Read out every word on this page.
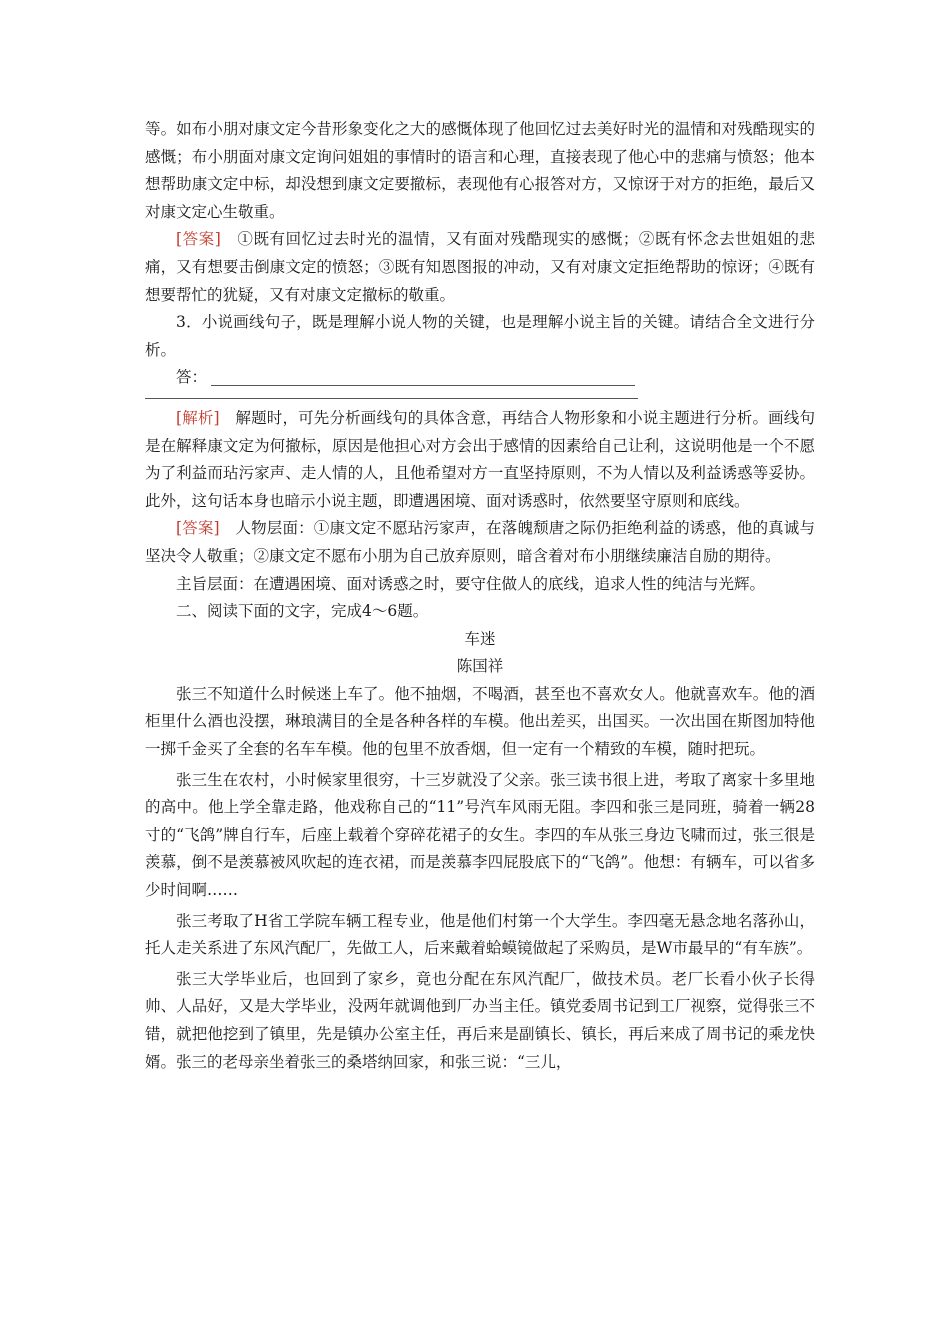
等。如布小朋对康文定今昔形象变化之大的感慨体现了他回忆过去美好时光的温情和对残酷现实的感慨；布小朋面对康文定询问姐姐的事情时的语言和心理，直接表现了他心中的悲痛与愤怒；他本想帮助康文定中标，却没想到康文定要撤标，表现他有心报答对方，又惊讶于对方的拒绝，最后又对康文定心生敬重。

[答案]　 ①既有回忆过去时光的温情，又有面对残酷现实的感慨；②既有怀念去世姐姐的悲痛，又有想要击倒康文定的愤怒；③既有知恩图报的冲动，又有对康文定拒绝帮助的惊讶；④既有想要帮忙的犹疑，又有对康文定撤标的敬重。

3．小说画线句子，既是理解小说人物的关键，也是理解小说主旨的关键。请结合全文进行分析。

答：

[解析]　 解题时，可先分析画线句的具体含意，再结合人物形象和小说主题进行分析。画线句是在解释康文定为何撤标，原因是他担心对方会出于感情的因素给自己让利，这说明他是一个不愿为了利益而玷污家声、走人情的人，且他希望对方一直坚持原则，不为人情以及利益诱惑等妥协。此外，这句话本身也暗示小说主题，即遭遇困境、面对诱惑时，依然要坚守原则和底线。

[答案]　 人物层面：①康文定不愿玷污家声，在落魄颓唐之际仍拒绝利益的诱惑，他的真诚与坚决令人敬重；②康文定不愿布小朋为自己放弃原则，暗含着对布小朋继续廉洁自励的期待。

主旨层面：在遭遇困境、面对诱惑之时，要守住做人的底线，追求人性的纯洁与光辉。

二、阅读下面的文字，完成4～6题。

车迷

陈国祥

张三不知道什么时候迷上车了。他不抽烟，不喝酒，甚至也不喜欢女人。他就喜欢车。他的酒柜里什么酒也没摆，琳琅满目的全是各种各样的车模。他出差买，出国买。一次出国在斯图加特他一掷千金买了全套的名车车模。他的包里不放香烟，但一定有一个精致的车模，随时把玩。

张三生在农村，小时候家里很穷，十三岁就没了父亲。张三读书很上进，考取了离家十多里地的高中。他上学全靠走路，他戏称自己的“11”号汽车风雨无阻。李四和张三是同班，骑着一辆28寸的“飞鸽”牌自行车，后座上载着个穿碎花裙子的女生。李四的车从张三身边飞啸而过，张三很是羡慕，倒不是羡慕被风吹起的连衣裙，而是羡慕李四屁股底下的“飞鸽”。他想：有辆车，可以省多少时间啊……

张三考取了H省工学院车辆工程专业，他是他们村第一个大学生。李四毫无悬念地名落孙山，托人走关系进了东风汽配厂，先做工人，后来戴着蛤蟆镜做起了采购员，是W市最早的“有车族”。

张三大学毕业后，也回到了家乡，竟也分配在东风汽配厂，做技术员。老厂长看小伙子长得帅、人品好，又是大学毕业，没两年就调他到厂办当主任。镇党委周书记到工厂视察，觉得张三不错，就把他挖到了镇里，先是镇办公室主任，再后来是副镇长、镇长，再后来成了周书记的乘龙快婿。张三的老母亲坐着张三的桑塔纳回家，和张三说：“三儿，
